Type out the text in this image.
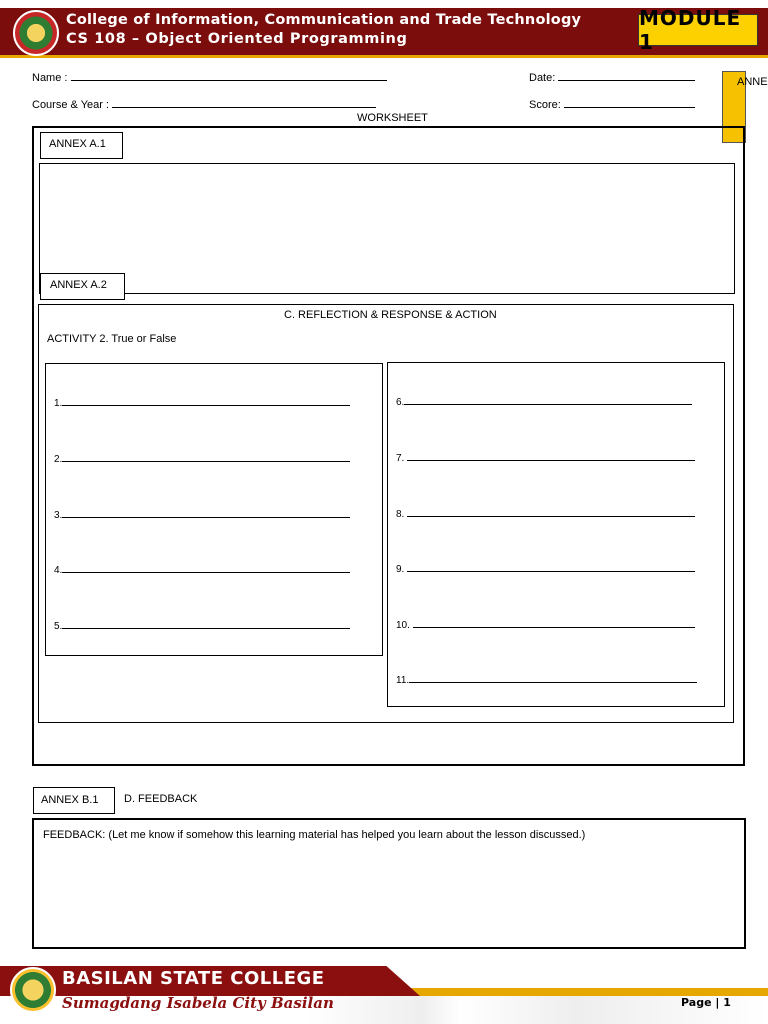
College of Information, Communication and Trade Technology
CS 108 – Object Oriented Programming
MODULE 1
ANNE
Name :	Date:
Course & Year :	Score:
WORKSHEET
ANNEX A.1
ANNEX A.2
C. REFLECTION & RESPONSE & ACTION
ACTIVITY 2. True or False
1.
2.
3.
4.
5.
6.
7.
8.
9.
10.
11.
ANNEX B.1	D. FEEDBACK
FEEDBACK: (Let me know if somehow this learning material has helped you learn about the lesson discussed.)
BASILAN STATE COLLEGE
Sumagdang Isabela City Basilan	Page | 1
